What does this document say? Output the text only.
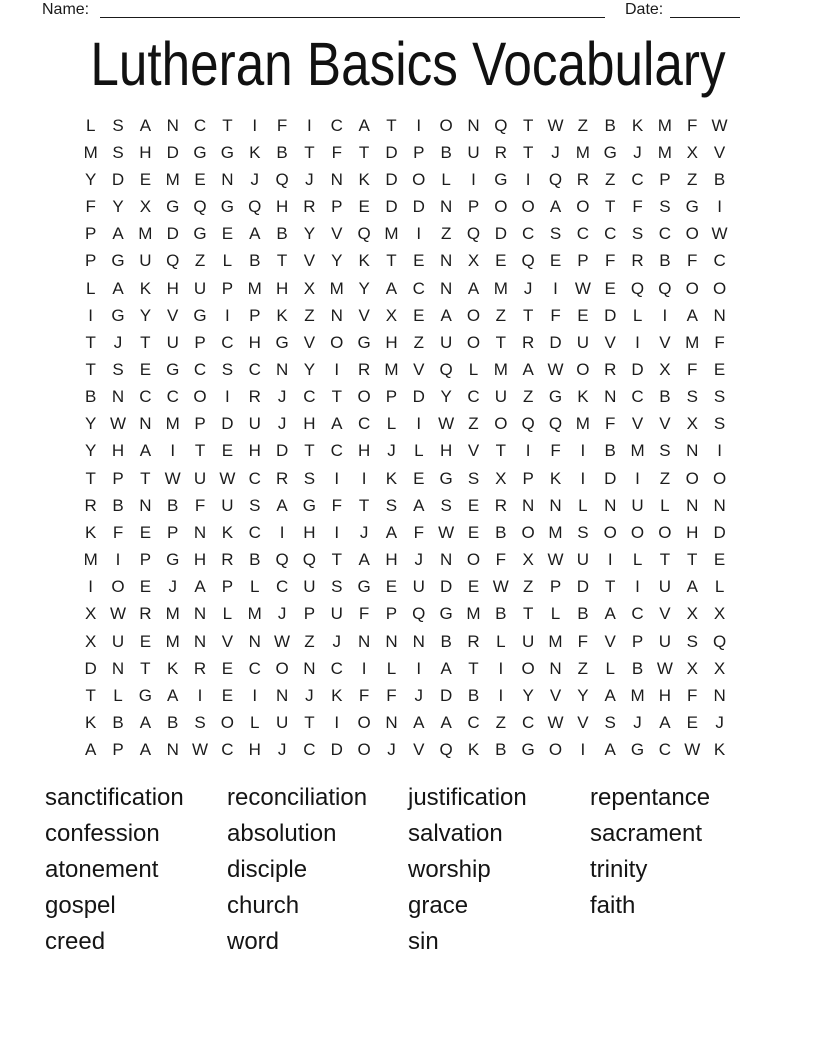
Name:	Date:
Lutheran Basics Vocabulary
L S A N C T	I	F	I	C A T	I	O N Q T W Z B K M F W
M S H D G G K B T F T D P B U R T	J M G J M X V
Y D E M E N J Q J N K D O L	I	G	I	Q R Z C P Z B
F Y X G Q G Q H R P E D D N P O O A O T F S G	I
P A M D G E A B Y V Q M	I	Z Q D C S C C S C O W
P G U Q Z	L B T V Y K T E N X E Q E P F R B F C
L A K H U P M H X M Y A C N A M J	I W E Q Q O O
I	G Y V G	I	P K Z N V X E A O Z T F E D L	I	A N
T	J	T U P C H G V O G H Z U O T R D U V	I	V M F
T S E G C S C N Y	I	R M V Q L M A W O R D X F E
B N C C O	I	R J C T O P D Y C U Z G K N C B S S
Y W N M P D U J H A C L	I W Z O Q Q M F V V X S
Y H A	I	T E H D T C H J	L H V T	I	F	I	B M S N	I
T P T W U W C R S	I	I	K E G S X P K	I	D	I	Z O O
R B N B F U S A G F T S A S E R N N L N U L N N
K F E P N K C	I	H	I	J	A F W E B O M S O O O H D
M	I	P G H R B Q Q T A H J N O F X W U	I	L	T T E
I	O E	J	A P L C U S G E U D E W Z P D T	I	U A L
X W R M N L M J	P U F P Q G M B T	L B A C V X X
X U E M N V N W Z	J N N N B R L U M F V P U S Q
D N T K R E C O N C	I	L	I	A T	I	O N Z	L B W X X
T	L G A	I	E	I	N J	K F F	J D B	I	Y V Y A M H F N
K B A B S O L U T	I	O N A A C Z C W V S	J	A E	J
A P A N W C H J C D O J	V Q K B G O	I	A G C W K
sanctification
confession
atonement
gospel
creed
reconciliation
absolution
disciple
church
word
justification
salvation
worship
grace
sin
repentance
sacrament
trinity
faith
